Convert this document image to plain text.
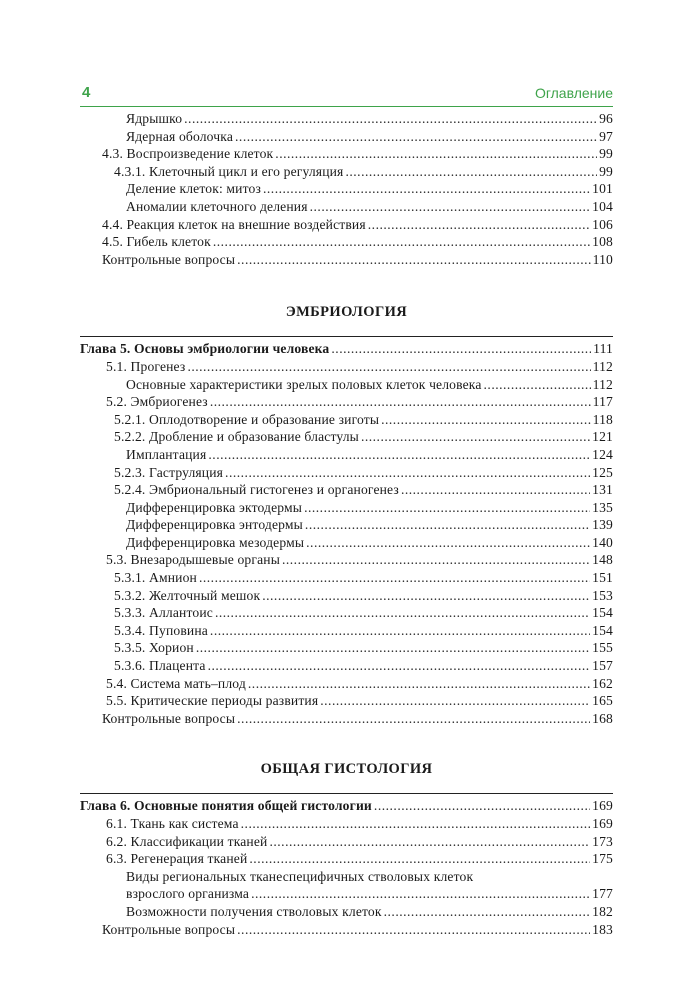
4	Оглавление
Ядрышко .....	96
Ядерная оболочка .....	97
4.3. Воспроизведение клеток .....	99
4.3.1. Клеточный цикл и его регуляция .....	99
Деление клеток: митоз .....	101
Аномалии клеточного деления .....	104
4.4. Реакция клеток на внешние воздействия .....	106
4.5. Гибель клеток .....	108
Контрольные вопросы .....	110
ЭМБРИОЛОГИЯ
Глава 5. Основы эмбриологии человека .....	111
5.1. Прогенез .....	112
Основные характеристики зрелых половых клеток человека .....	112
5.2. Эмбриогенез .....	117
5.2.1. Оплодотворение и образование зиготы .....	118
5.2.2. Дробление и образование бластулы .....	121
Имплантация .....	124
5.2.3. Гаструляция .....	125
5.2.4. Эмбриональный гистогенез и органогенез .....	131
Дифференцировка эктодермы .....	135
Дифференцировка энтодермы .....	139
Дифференцировка мезодермы .....	140
5.3. Внезародышевые органы .....	148
5.3.1. Амнион .....	151
5.3.2. Желточный мешок .....	153
5.3.3. Аллантоис .....	154
5.3.4. Пуповина .....	154
5.3.5. Хорион .....	155
5.3.6. Плацента .....	157
5.4. Система мать–плод .....	162
5.5. Критические периоды развития .....	165
Контрольные вопросы .....	168
ОБЩАЯ ГИСТОЛОГИЯ
Глава 6. Основные понятия общей гистологии .....	169
6.1. Ткань как система .....	169
6.2. Классификации тканей .....	173
6.3. Регенерация тканей .....	175
Виды региональных тканеспецифичных стволовых клеток
взрослого организма .....	177
Возможности получения стволовых клеток .....	182
Контрольные вопросы .....	183
